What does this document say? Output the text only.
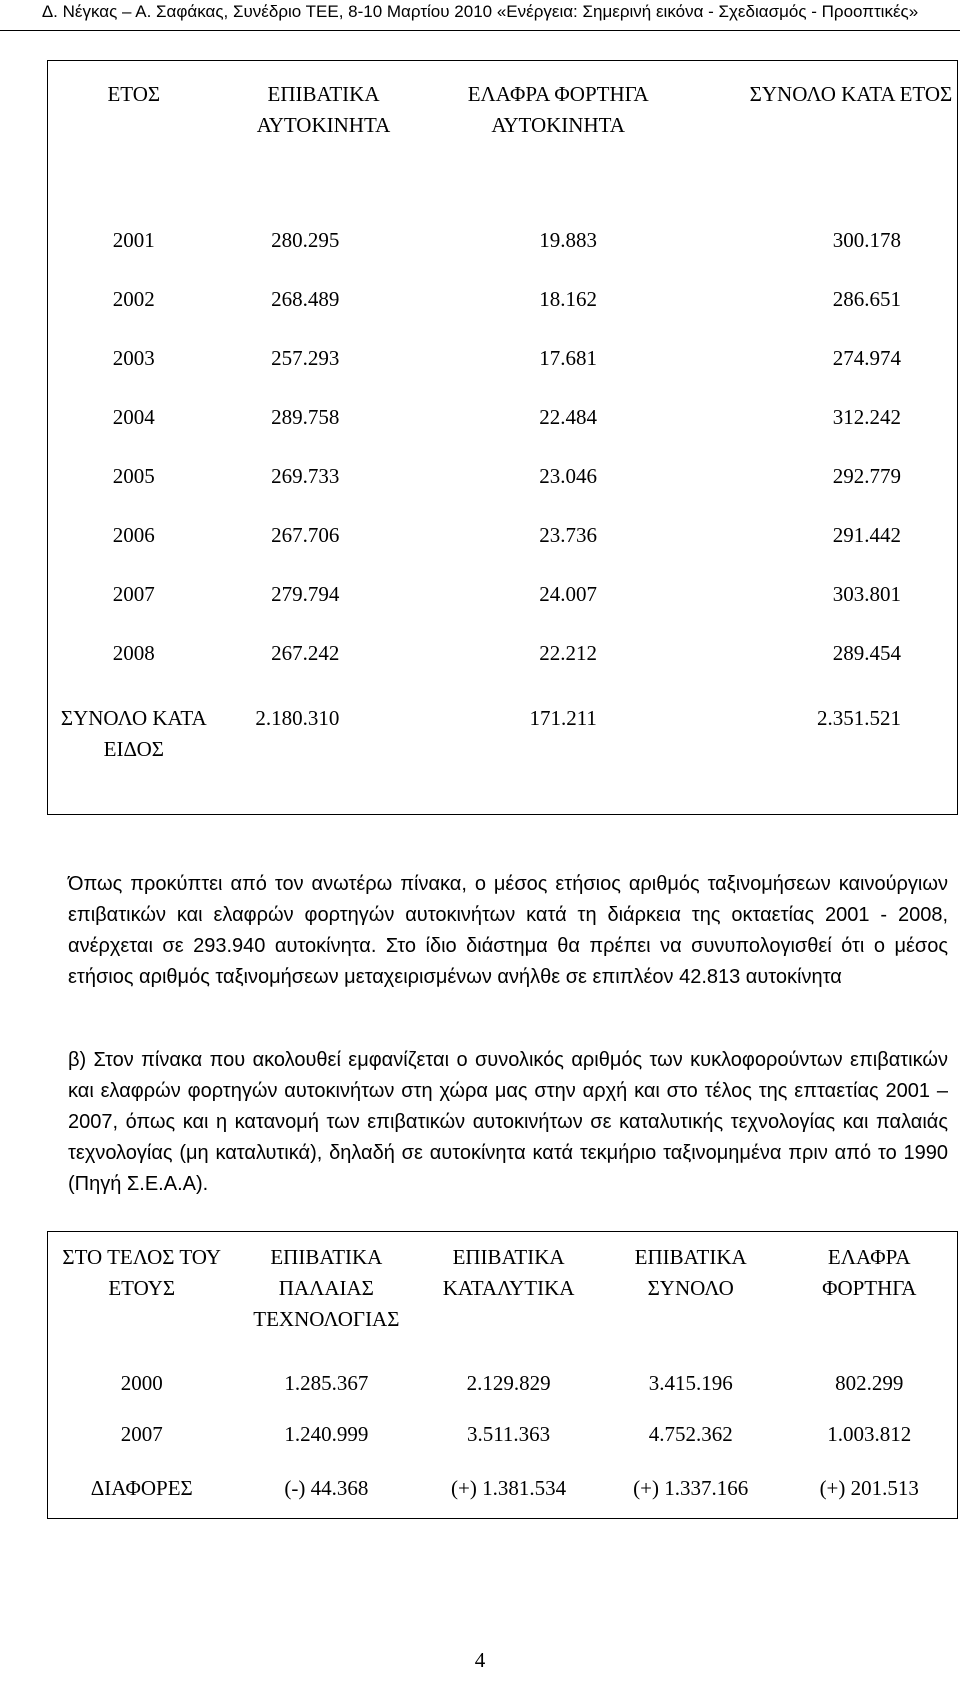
Δ. Νέγκας – Α. Σαφάκας, Συνέδριο ΤΕΕ, 8-10 Μαρτίου 2010 «Ενέργεια: Σημερινή εικόνα - Σχεδιασμός - Προοπτικές»
ΕΤΟΣ	ΕΠΙΒΑΤΙΚΑ ΑΥΤΟΚΙΝΗΤΑ	ΕΛΑΦΡΑ ΦΟΡΤΗΓΑ ΑΥΤΟΚΙΝΗΤΑ	ΣΥΝΟΛΟ ΚΑΤΑ ΕΤΟΣ
2001	280.295	19.883	300.178
2002	268.489	18.162	286.651
2003	257.293	17.681	274.974
2004	289.758	22.484	312.242
2005	269.733	23.046	292.779
2006	267.706	23.736	291.442
2007	279.794	24.007	303.801
2008	267.242	22.212	289.454
ΣΥΝΟΛΟ ΚΑΤΑ ΕΙΔΟΣ	2.180.310	171.211	2.351.521

Όπως προκύπτει από τον ανωτέρω πίνακα, ο μέσος ετήσιος αριθμός ταξινομήσεων καινούργιων επιβατικών και ελαφρών φορτηγών αυτοκινήτων κατά τη διάρκεια της οκταετίας 2001 - 2008, ανέρχεται σε 293.940 αυτοκίνητα. Στο ίδιο διάστημα θα πρέπει να συνυπολογισθεί ότι ο μέσος ετήσιος αριθμός ταξινομήσεων μεταχειρισμένων ανήλθε σε επιπλέον 42.813 αυτοκίνητα

β) Στον πίνακα που ακολουθεί εμφανίζεται ο συνολικός αριθμός των κυκλοφορούντων επιβατικών και ελαφρών φορτηγών αυτοκινήτων στη χώρα μας στην αρχή και στο τέλος της επταετίας 2001 – 2007, όπως και η κατανομή των επιβατικών αυτοκινήτων σε καταλυτικής τεχνολογίας και παλαιάς τεχνολογίας (μη καταλυτικά), δηλαδή σε αυτοκίνητα κατά τεκμήριο ταξινομημένα πριν από το 1990 (Πηγή Σ.Ε.Α.Α).

ΣΤΟ ΤΕΛΟΣ ΤΟΥ ΕΤΟΥΣ	ΕΠΙΒΑΤΙΚΑ ΠΑΛΑΙΑΣ ΤΕΧΝΟΛΟΓΙΑΣ	ΕΠΙΒΑΤΙΚΑ ΚΑΤΑΛΥΤΙΚΑ	ΕΠΙΒΑΤΙΚΑ ΣΥΝΟΛΟ	ΕΛΑΦΡΑ ΦΟΡΤΗΓΑ
2000	1.285.367	2.129.829	3.415.196	802.299
2007	1.240.999	3.511.363	4.752.362	1.003.812
ΔΙΑΦΟΡΕΣ	(-) 44.368	(+) 1.381.534	(+) 1.337.166	(+) 201.513
4
